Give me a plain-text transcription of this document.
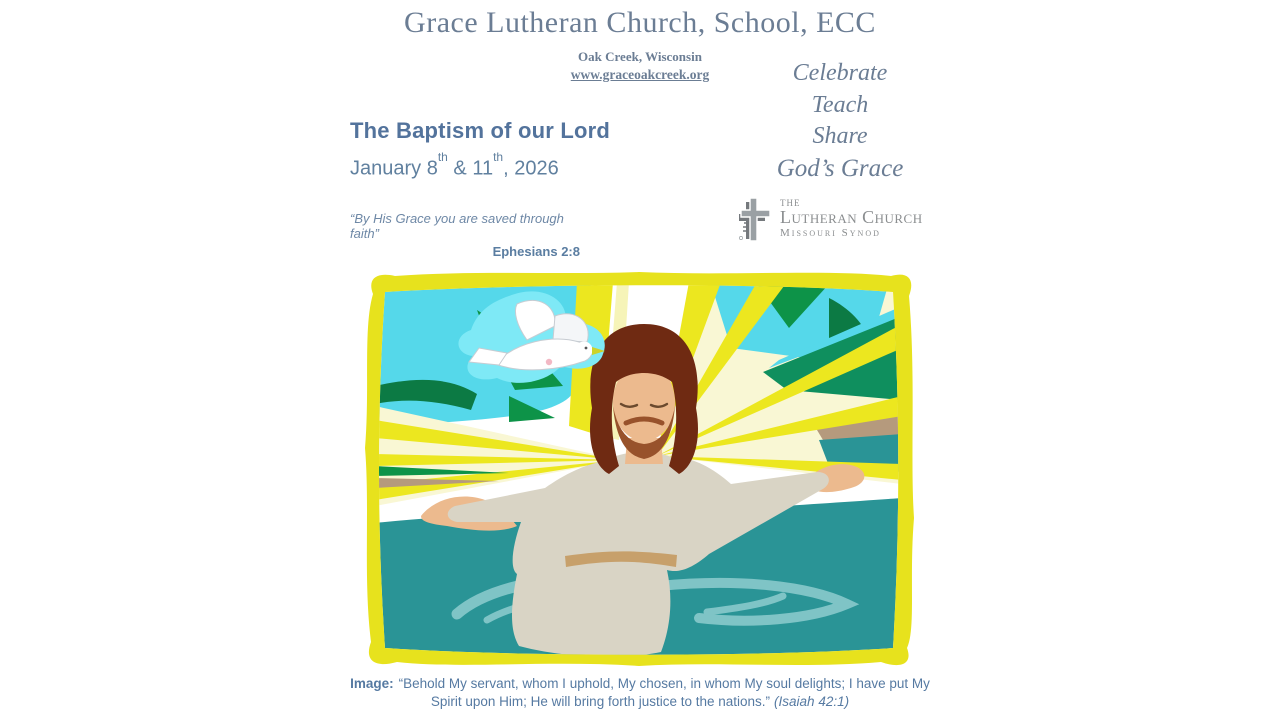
Grace Lutheran Church, School, ECC
Oak Creek, Wisconsin
www.graceoakcreek.org	Celebrate
Teach
Share
God’s Grace
The Baptism of our Lord
January 8th & 11th, 2026
“By His Grace you are saved through faith”
Ephesians 2:8
THE
Lutheran Church
Missouri Synod
Image: “Behold My servant, whom I uphold, My chosen, in whom My soul delights; I have put My Spirit upon Him; He will bring forth justice to the nations.” (Isaiah 42:1)
